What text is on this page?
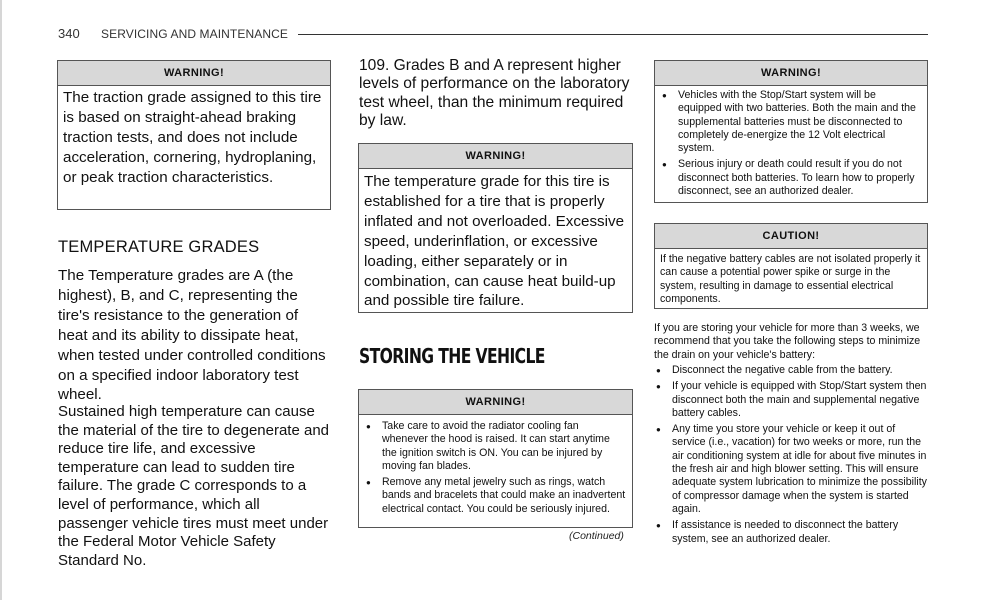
340 SERVICING AND MAINTENANCE
WARNING!
The traction grade assigned to this tire is based on straight-ahead braking traction tests, and does not include acceleration, cornering, hydroplaning, or peak traction characteristics.
TEMPERATURE GRADES

The Temperature grades are A (the highest), B, and C, representing the tire's resistance to the generation of heat and its ability to dissipate heat, when tested under controlled conditions on a specified indoor laboratory test wheel.

Sustained high temperature can cause the material of the tire to degenerate and reduce tire life, and excessive temperature can lead to sudden tire failure. The grade C corresponds to a level of performance, which all passenger vehicle tires must meet under the Federal Motor Vehicle Safety Standard No.

109. Grades B and A represent higher levels of performance on the laboratory test wheel, than the minimum required by law.

WARNING!
The temperature grade for this tire is established for a tire that is properly inflated and not overloaded. Excessive speed, underinflation, or excessive loading, either separately or in combination, can cause heat build-up and possible tire failure.
STORING THE VEHICLE
WARNING!
● Take care to avoid the radiator cooling fan whenever the hood is raised. It can start anytime the ignition switch is ON. You can be injured by moving fan blades.
● Remove any metal jewelry such as rings, watch bands and bracelets that could make an inadvertent electrical contact. You could be seriously injured.
(Continued)
WARNING!
● Vehicles with the Stop/Start system will be equipped with two batteries. Both the main and the supplemental batteries must be disconnected to completely de-energize the 12 Volt electrical system.
● Serious injury or death could result if you do not disconnect both batteries. To learn how to properly disconnect, see an authorized dealer.
CAUTION!
If the negative battery cables are not isolated properly it can cause a potential power spike or surge in the system, resulting in damage to essential electrical components.

If you are storing your vehicle for more than 3 weeks, we recommend that you take the following steps to minimize the drain on your vehicle's battery:

● Disconnect the negative cable from the battery.
● If your vehicle is equipped with Stop/Start system then disconnect both the main and supplemental negative battery cables.
● Any time you store your vehicle or keep it out of service (i.e., vacation) for two weeks or more, run the air conditioning system at idle for about five minutes in the fresh air and high blower setting. This will ensure adequate system lubrication to minimize the possibility of compressor damage when the system is started again.
● If assistance is needed to disconnect the battery system, see an authorized dealer.
